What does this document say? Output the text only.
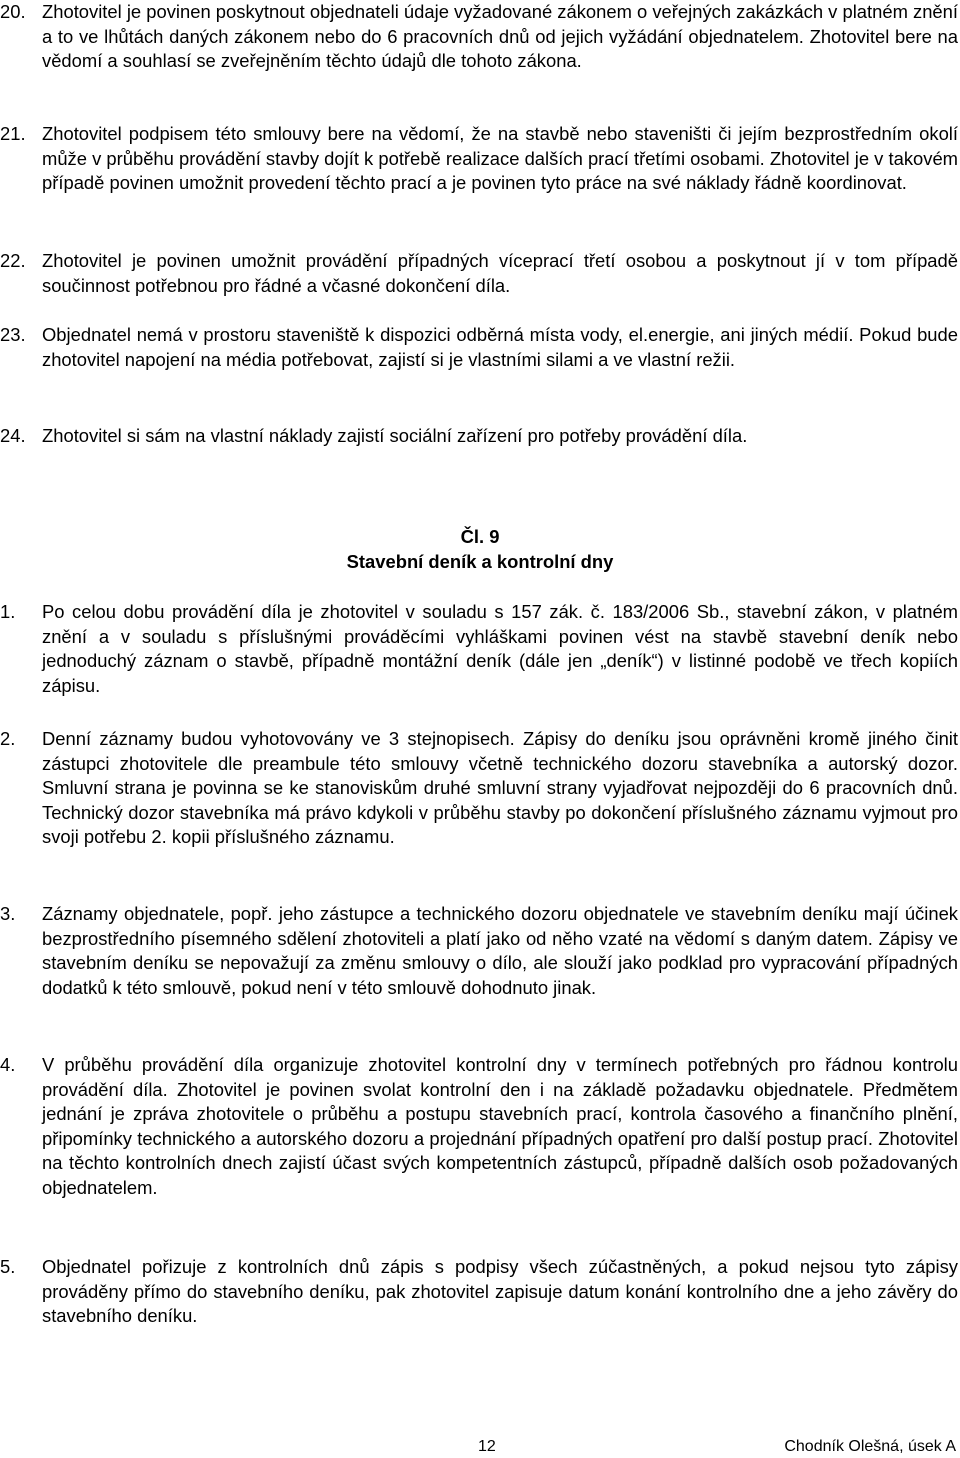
20. Zhotovitel je povinen poskytnout objednateli údaje vyžadované zákonem o veřejných zakázkách v platném znění a to ve lhůtách daných zákonem nebo do 6 pracovních dnů od jejich vyžádání objednatelem. Zhotovitel bere na vědomí a souhlasí se zveřejněním těchto údajů dle tohoto zákona.
21. Zhotovitel podpisem této smlouvy bere na vědomí, že na stavbě nebo staveništi či jejím bezprostředním okolí může v průběhu provádění stavby dojít k potřebě realizace dalších prací třetími osobami. Zhotovitel je v takovém případě povinen umožnit provedení těchto prací a je povinen tyto práce na své náklady řádně koordinovat.
22. Zhotovitel je povinen umožnit provádění případných víceprací třetí osobou a poskytnout jí v tom případě součinnost potřebnou pro řádné a včasné dokončení díla.
23. Objednatel nemá v prostoru staveniště k dispozici odběrná místa vody, el.energie, ani jiných médií. Pokud bude zhotovitel napojení na média potřebovat, zajistí si je vlastními silami a ve vlastní režii.
24. Zhotovitel si sám na vlastní náklady zajistí sociální zařízení pro potřeby provádění díla.
Čl. 9
Stavební deník a kontrolní dny
1. Po celou dobu provádění díla je zhotovitel v souladu s 157 zák. č. 183/2006 Sb., stavební zákon, v platném znění a v souladu s příslušnými prováděcími vyhláškami povinen vést na stavbě stavební deník nebo jednoduchý záznam o stavbě, případně montážní deník (dále jen „deník“) v listinné podobě ve třech kopiích zápisu.
2. Denní záznamy budou vyhotovovány ve 3 stejnopisech. Zápisy do deníku jsou oprávněni kromě jiného činit zástupci zhotovitele dle preambule této smlouvy včetně technického dozoru stavebníka a autorský dozor. Smluvní strana je povinna se ke stanoviskům druhé smluvní strany vyjadřovat nejpozději do 6 pracovních dnů. Technický dozor stavebníka má právo kdykoli v průběhu stavby po dokončení příslušného záznamu vyjmout pro svoji potřebu 2. kopii příslušného záznamu.
3. Záznamy objednatele, popř. jeho zástupce a technického dozoru objednatele ve stavebním deníku mají účinek bezprostředního písemného sdělení zhotoviteli a platí jako od něho vzaté na vědomí s daným datem. Zápisy ve stavebním deníku se nepovažují za změnu smlouvy o dílo, ale slouží jako podklad pro vypracování případných dodatků k této smlouvě, pokud není v této smlouvě dohodnuto jinak.
4. V průběhu provádění díla organizuje zhotovitel kontrolní dny v termínech potřebných pro řádnou kontrolu provádění díla. Zhotovitel je povinen svolat kontrolní den i na základě požadavku objednatele. Předmětem jednání je zpráva zhotovitele o průběhu a postupu stavebních prací, kontrola časového a finančního plnění, připomínky technického a autorského dozoru a projednání případných opatření pro další postup prací. Zhotovitel na těchto kontrolních dnech zajistí účast svých kompetentních zástupců, případně dalších osob požadovaných objednatelem.
5. Objednatel pořizuje z kontrolních dnů zápis s podpisy všech zúčastněných, a pokud nejsou tyto zápisy prováděny přímo do stavebního deníku, pak zhotovitel zapisuje datum konání kontrolního dne a jeho závěry do stavebního deníku.
12	Chodník Olešná, úsek A
